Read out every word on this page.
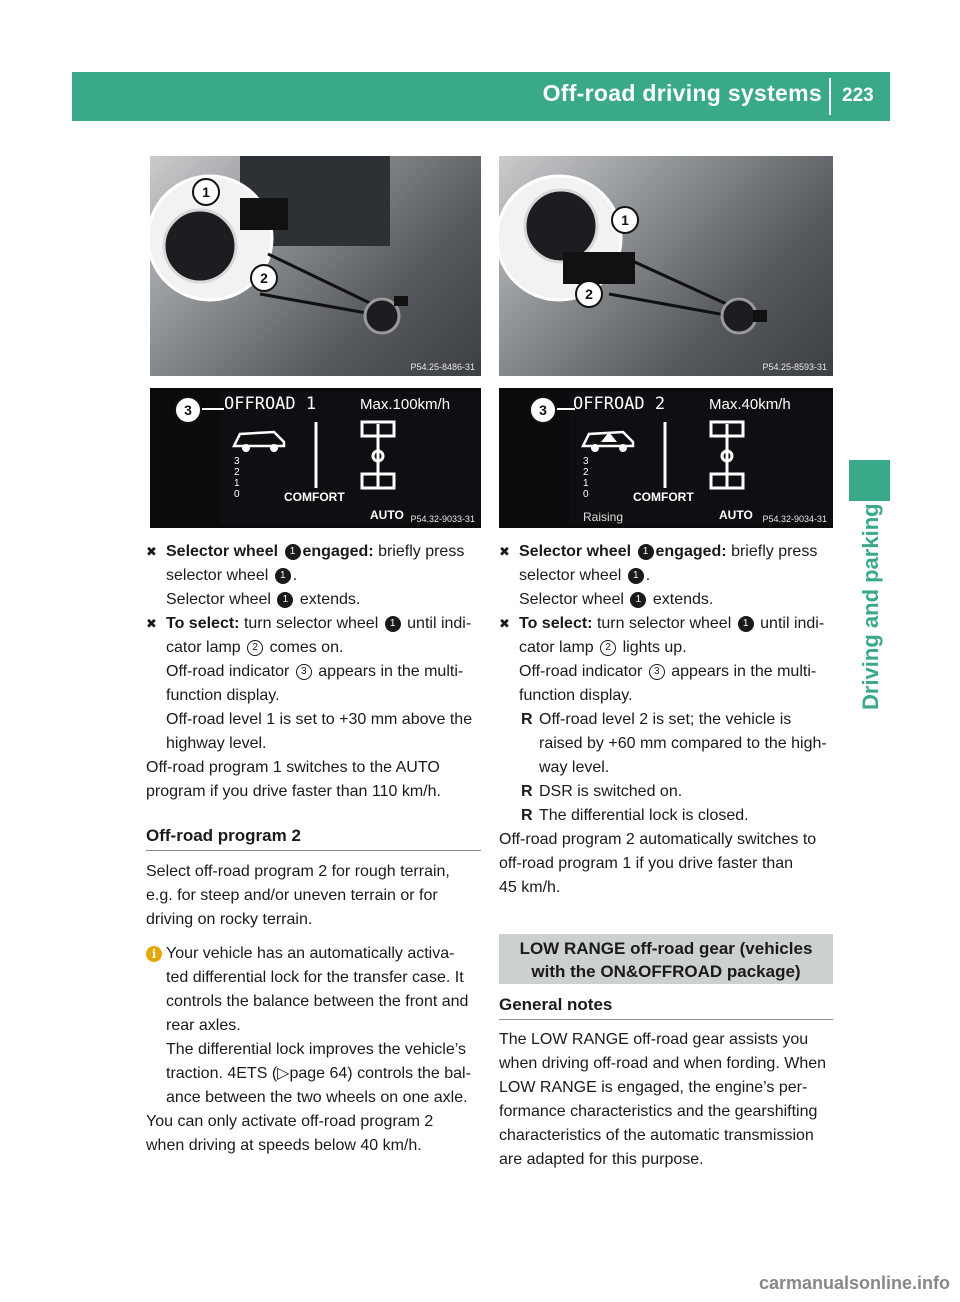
Off-road driving systems 223
Driving and parking
1
2
P54.25-8486-31
1
2
P54.25-8593-31
3	OFFROAD 1	Max.100km/h
3
2
1
0	COMFORT
AUTO P54.32-9033-31
3	OFFROAD 2	Max.40km/h
3
2
1
0	COMFORT
Raising	AUTO P54.32-9034-31
✖ Selector wheel 1 engaged: briefly press

selector wheel 1 .

Selector wheel 1 extends.

✖ To select: turn selector wheel 1 until indi-

cator lamp 2 comes on.

Off-road indicator 3 appears in the multi-

function display.

Off-road level 1 is set to +30 mm above the

highway level.

Off-road program 1 switches to the AUTO

program if you drive faster than 110 km/h.

Off-road program 2

Select off-road program 2 for rough terrain,

e.g. for steep and/or uneven terrain or for

driving on rocky terrain.

i Your vehicle has an automatically activa-

ted differential lock for the transfer case. It

controls the balance between the front and

rear axles.

The differential lock improves the vehicle’s

traction. 4ETS (▷page 64) controls the bal-

ance between the two wheels on one axle.

You can only activate off-road program 2

when driving at speeds below 40 km/h.

✖ Selector wheel 1 engaged: briefly press

selector wheel 1 .

Selector wheel 1 extends.

✖ To select: turn selector wheel 1 until indi-

cator lamp 2 lights up.

Off-road indicator 3 appears in the multi-

function display.

R Off-road level 2 is set; the vehicle is

raised by +60 mm compared to the high-

way level.

R DSR is switched on.

R The differential lock is closed.

Off-road program 2 automatically switches to

off-road program 1 if you drive faster than

45 km/h.

LOW RANGE off-road gear (vehicles
with the ON&OFFROAD package)
General notes

The LOW RANGE off-road gear assists you

when driving off-road and when fording. When

LOW RANGE is engaged, the engine’s per-

formance characteristics and the gearshifting

characteristics of the automatic transmission

are adapted for this purpose.

carmanualsonline.info
